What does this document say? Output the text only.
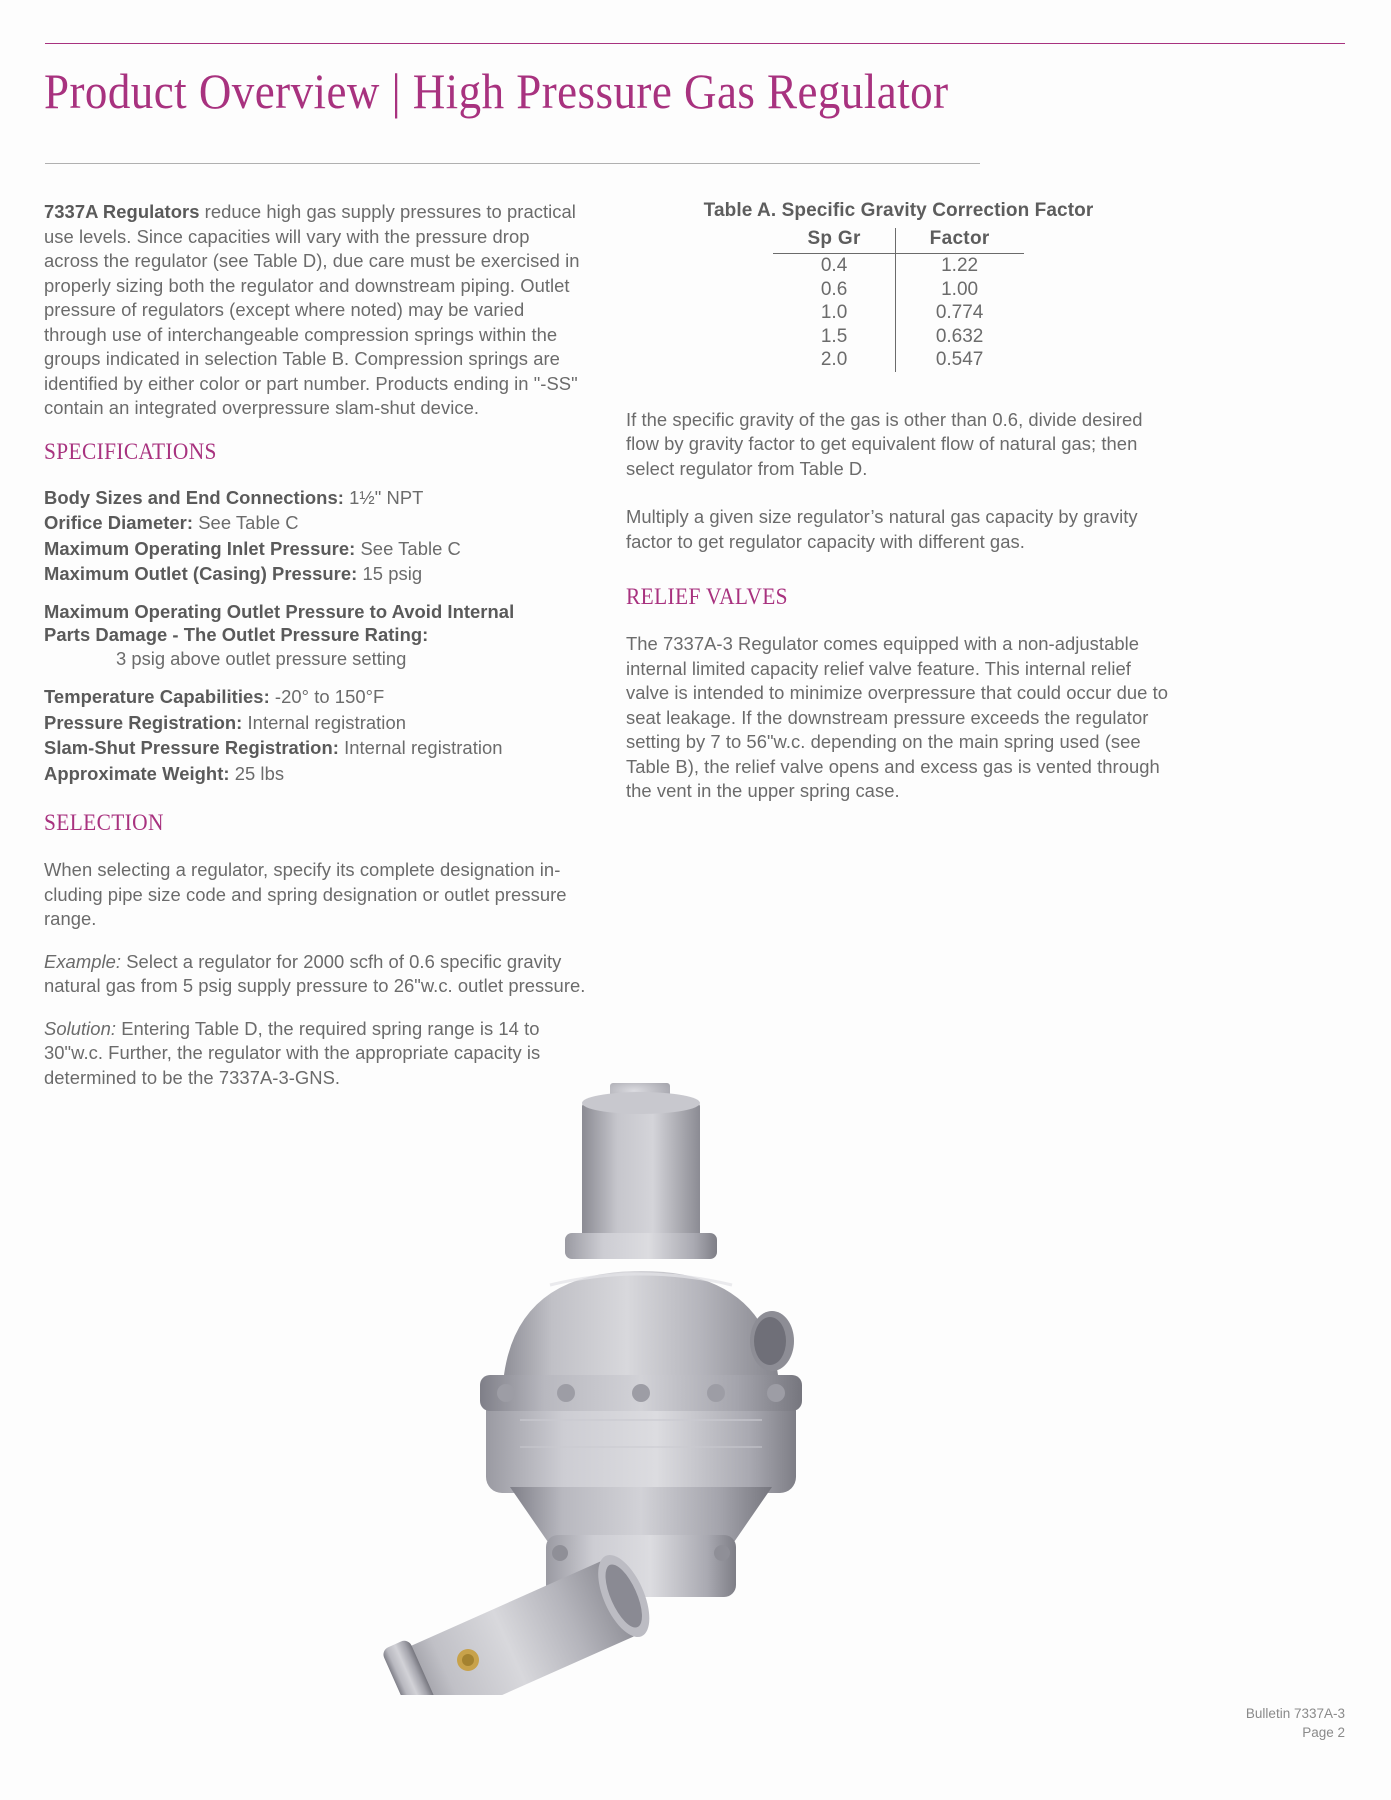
Product Overview | High Pressure Gas Regulator

7337A Regulators reduce high gas supply pressures to practical use levels. Since capacities will vary with the pressure drop across the regulator (see Table D), due care must be exercised in properly sizing both the regulator and downstream piping. Outlet pressure of regulators (except where noted) may be varied through use of interchangeable compression springs within the groups indicated in selection Table B. Compression springs are identified by either color or part number. Products ending in "-SS" contain an integrated overpressure slam-shut device.

SPECIFICATIONS
Body Sizes and End Connections: 1½" NPT
Orifice Diameter: See Table C
Maximum Operating Inlet Pressure: See Table C
Maximum Outlet (Casing) Pressure: 15 psig
Maximum Operating Outlet Pressure to Avoid Internal
Parts Damage - The Outlet Pressure Rating:
3 psig above outlet pressure setting
Temperature Capabilities: -20° to 150°F
Pressure Registration: Internal registration
Slam-Shut Pressure Registration: Internal registration
Approximate Weight: 25 lbs
SELECTION

When selecting a regulator, specify its complete designation in-cluding pipe size code and spring designation or outlet pressure range.

Example: Select a regulator for 2000 scfh of 0.6 specific gravity natural gas from 5 psig supply pressure to 26"w.c. outlet pressure.

Solution: Entering Table D, the required spring range is 14 to 30"w.c. Further, the regulator with the appropriate capacity is determined to be the 7337A-3-GNS.

Table A. Specific Gravity Correction Factor
Sp Gr	Factor
0.4	1.22
0.6	1.00
1.0	0.774
1.5	0.632
2.0	0.547

If the specific gravity of the gas is other than 0.6, divide desired flow by gravity factor to get equivalent flow of natural gas; then select regulator from Table D.

Multiply a given size regulator’s natural gas capacity by gravity factor to get regulator capacity with different gas.

RELIEF VALVES

The 7337A-3 Regulator comes equipped with a non-adjustable internal limited capacity relief valve feature. This internal relief valve is intended to minimize overpressure that could occur due to seat leakage. If the downstream pressure exceeds the regulator setting by 7 to 56"w.c. depending on the main spring used (see Table B), the relief valve opens and excess gas is vented through the vent in the upper spring case.

Bulletin 7337A-3
Page 2
